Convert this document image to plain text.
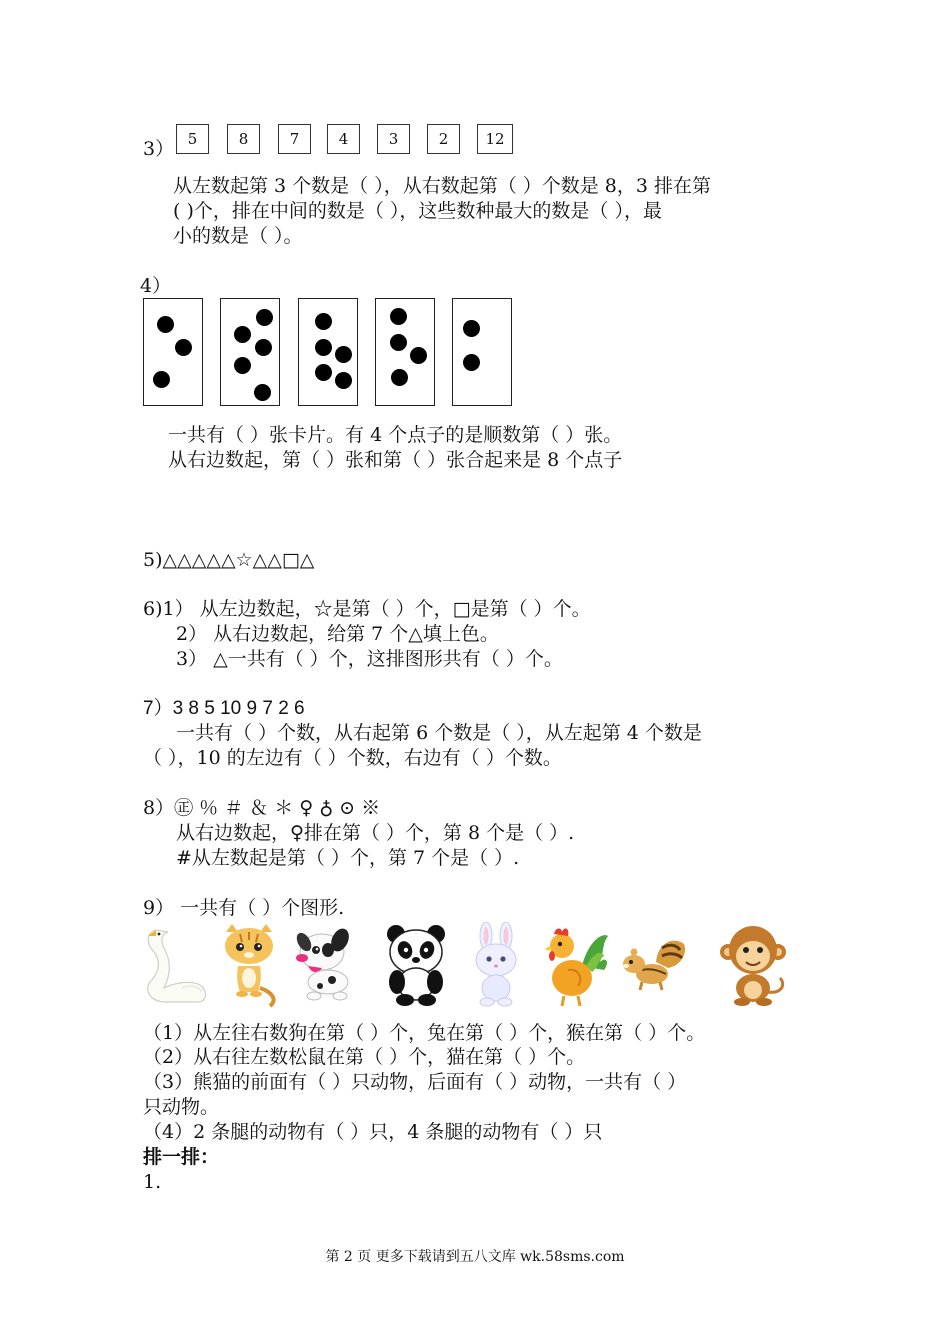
3） 5	8	7	4	3	2	12
从左数起第 3 个数是（ ），从右数起第（ ）个数是 8，3 排在第
( )个，排在中间的数是（ ），这些数种最大的数是（ ），最
小的数是（ ）。
4）
一共有（ ）张卡片。有 4 个点子的是顺数第（ ）张。
从右边数起，第（ ）张和第（ ）张合起来是 8 个点子
5)△△△△△☆△△□△
6)1） 从左边数起，☆是第（ ）个，□是第（ ）个。
2） 从右边数起，给第 7 个△填上色。
3） △一共有（ ）个，这排图形共有（ ）个。
7）3 8 5 10 9 7 2 6
一共有（ ）个数，从右起第 6 个数是（ ），从左起第 4 个数是
（ ），10 的左边有（ ）个数，右边有（ ）个数。
8）㊣ ％ ＃ ＆ ＊ ♀ ♁ ⊙ ※
从右边数起，♀排在第（ ）个，第 8 个是（ ）.
#从左数起是第（ ）个，第 7 个是（ ）.
9） 一共有（ ）个图形.
（1）从左往右数狗在第（ ）个，兔在第（ ）个，猴在第（ ）个。
（2）从右往左数松鼠在第（ ）个，猫在第（ ）个。
（3）熊猫的前面有（ ）只动物，后面有（ ）动物，一共有（ ）
只动物。
（4）2 条腿的动物有（ ）只，4 条腿的动物有（ ）只
排一排：
1.
第 2 页 更多下载请到五八文库 wk.58sms.com
